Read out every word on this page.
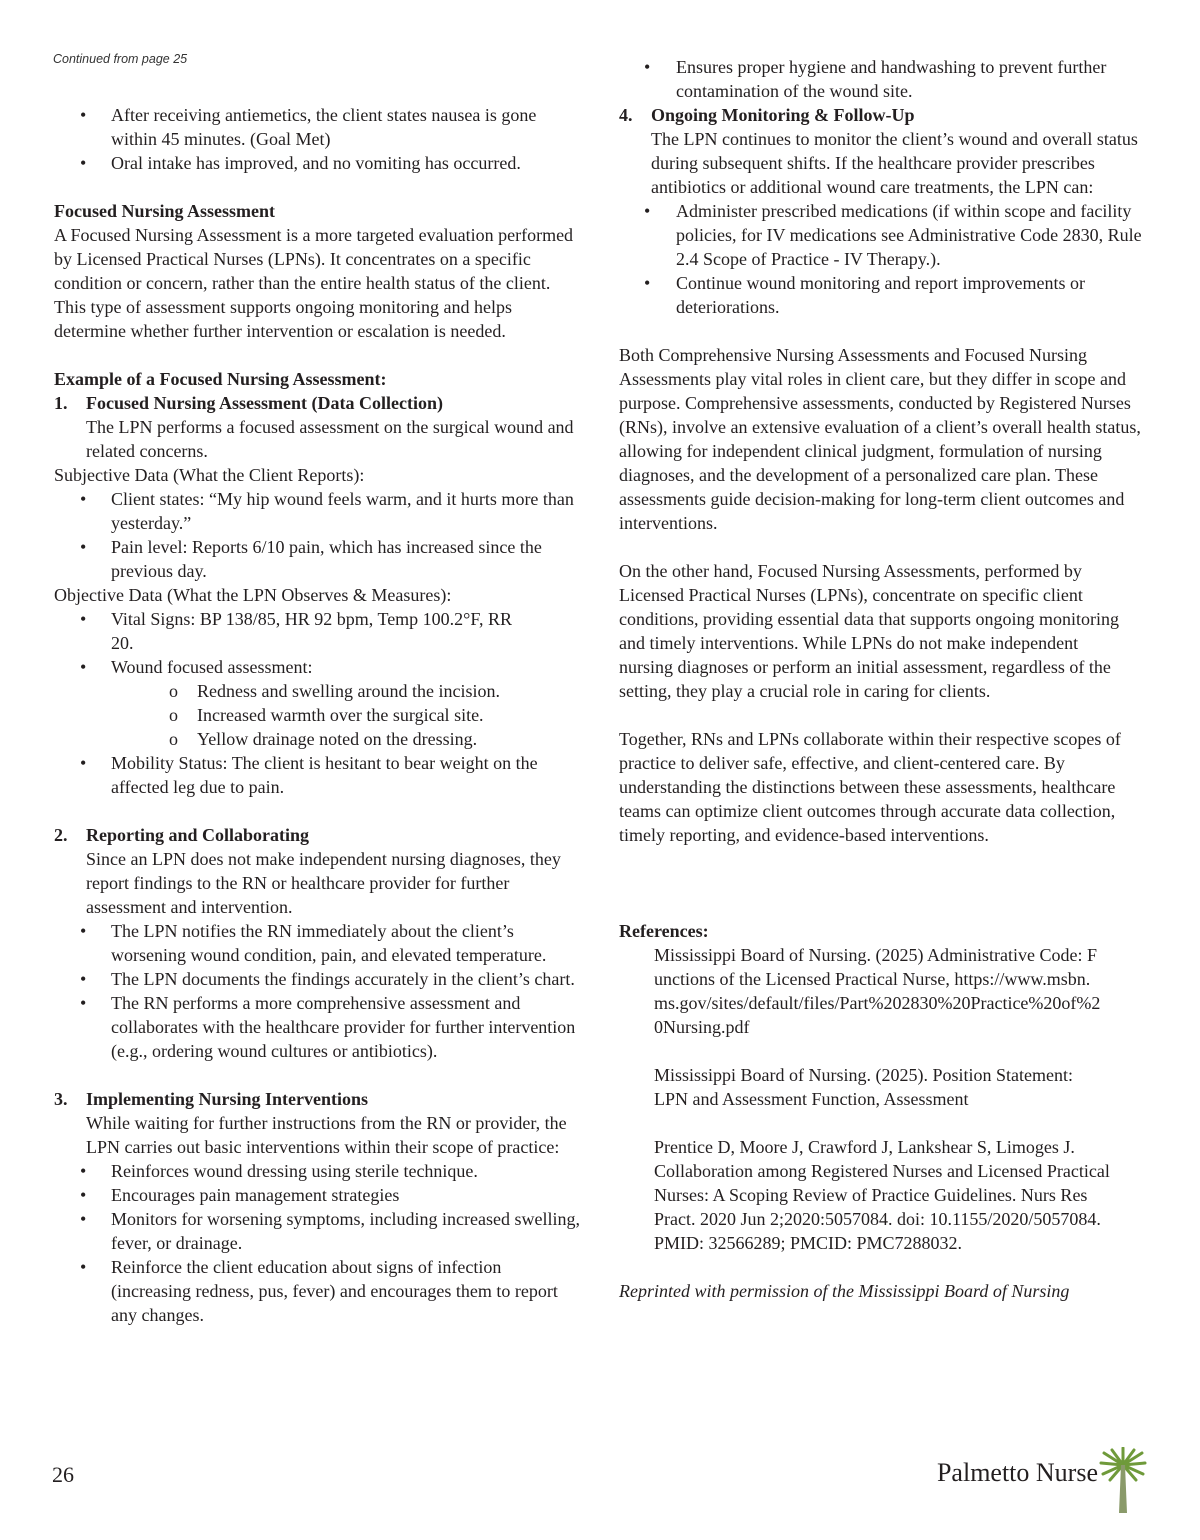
Continued from page 25

• After receiving antiemetics, the client states nausea is gone within 45 minutes. (Goal Met)

• Oral intake has improved, and no vomiting has occurred.

Focused Nursing Assessment

A Focused Nursing Assessment is a more targeted evaluation performed by Licensed Practical Nurses (LPNs). It concentrates on a specific condition or concern, rather than the entire health status of the client. This type of assessment supports ongoing monitoring and helps determine whether further intervention or escalation is needed.

Example of a Focused Nursing Assessment:

1. Focused Nursing Assessment (Data Collection)

The LPN performs a focused assessment on the surgical wound and related concerns.

Subjective Data (What the Client Reports):

• Client states: “My hip wound feels warm, and it hurts more than yesterday.”

• Pain level: Reports 6/10 pain, which has increased since the previous day.

Objective Data (What the LPN Observes & Measures):

• Vital Signs: BP 138/85, HR 92 bpm, Temp 100.2°F, RR 20.

• Wound focused assessment:

o Redness and swelling around the incision.

o Increased warmth over the surgical site.

o Yellow drainage noted on the dressing.

• Mobility Status: The client is hesitant to bear weight on the affected leg due to pain.

2. Reporting and Collaborating

Since an LPN does not make independent nursing diagnoses, they report findings to the RN or healthcare provider for further assessment and intervention.

• The LPN notifies the RN immediately about the client’s worsening wound condition, pain, and elevated temperature.

• The LPN documents the findings accurately in the client’s chart.

• The RN performs a more comprehensive assessment and collaborates with the healthcare provider for further intervention (e.g., ordering wound cultures or antibiotics).

3. Implementing Nursing Interventions

While waiting for further instructions from the RN or provider, the LPN carries out basic interventions within their scope of practice:

• Reinforces wound dressing using sterile technique.

• Encourages pain management strategies

• Monitors for worsening symptoms, including increased swelling, fever, or drainage.

• Reinforce the client education about signs of infection (increasing redness, pus, fever) and encourages them to report any changes.

• Ensures proper hygiene and handwashing to prevent further contamination of the wound site.

4. Ongoing Monitoring & Follow-Up

The LPN continues to monitor the client’s wound and overall status during subsequent shifts. If the healthcare provider prescribes antibiotics or additional wound care treatments, the LPN can:

• Administer prescribed medications (if within scope and facility policies, for IV medications see Administrative Code 2830, Rule 2.4 Scope of Practice - IV Therapy.).

• Continue wound monitoring and report improvements or deteriorations.

Both Comprehensive Nursing Assessments and Focused Nursing Assessments play vital roles in client care, but they differ in scope and purpose. Comprehensive assessments, conducted by Registered Nurses (RNs), involve an extensive evaluation of a client’s overall health status, allowing for independent clinical judgment, formulation of nursing diagnoses, and the development of a personalized care plan. These assessments guide decision-making for long-term client outcomes and interventions.

On the other hand, Focused Nursing Assessments, performed by Licensed Practical Nurses (LPNs), concentrate on specific client conditions, providing essential data that supports ongoing monitoring and timely interventions. While LPNs do not make independent nursing diagnoses or perform an initial assessment, regardless of the setting, they play a crucial role in caring for clients.

Together, RNs and LPNs collaborate within their respective scopes of practice to deliver safe, effective, and client-centered care. By understanding the distinctions between these assessments, healthcare teams can optimize client outcomes through accurate data collection, timely reporting, and evidence-based interventions.

References:

Mississippi Board of Nursing. (2025) Administrative Code: Functions of the Licensed Practical Nurse, https://www.msbn.ms.gov/sites/default/files/Part%202830%20Practice%20of%20Nursing.pdf

Mississippi Board of Nursing. (2025). Position Statement: LPN and Assessment Function, Assessment

Prentice D, Moore J, Crawford J, Lankshear S, Limoges J. Collaboration among Registered Nurses and Licensed Practical Nurses: A Scoping Review of Practice Guidelines. Nurs Res Pract. 2020 Jun 2;2020:5057084. doi: 10.1155/2020/5057084. PMID: 32566289; PMCID: PMC7288032.

Reprinted with permission of the Mississippi Board of Nursing

26	Palmetto Nurse
